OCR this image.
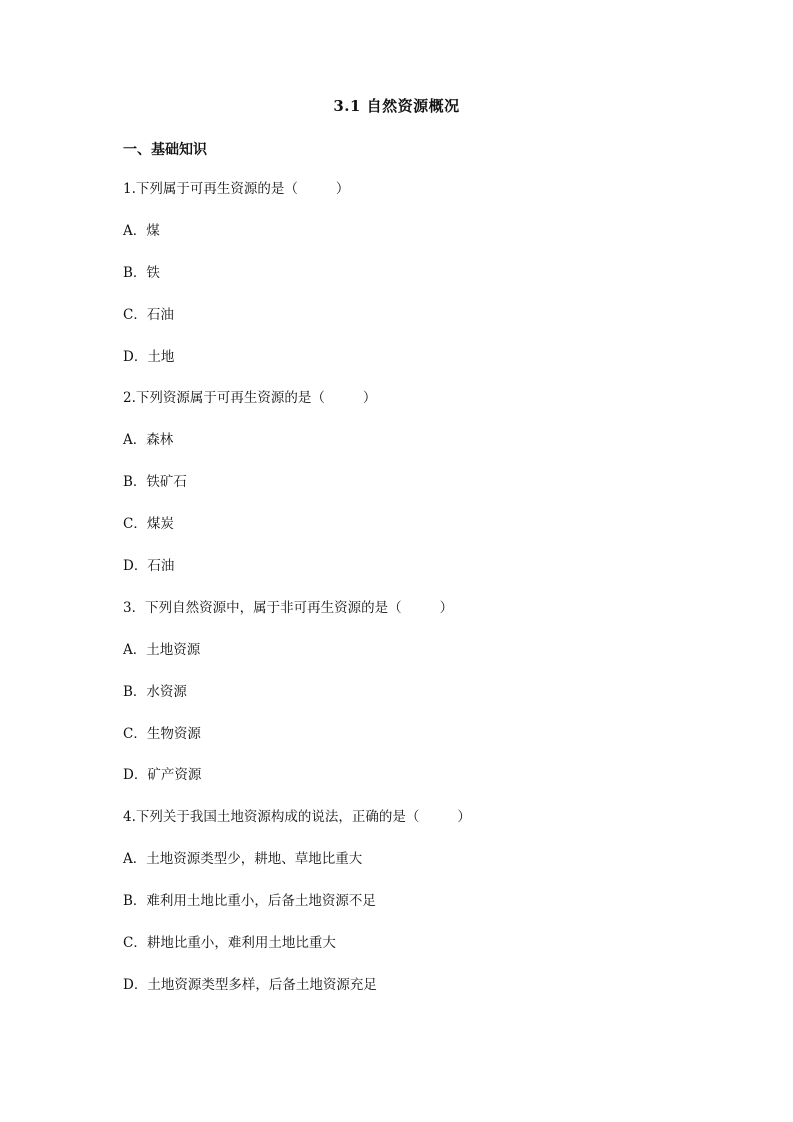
3.1 自然资源概况
一、基础知识
1.下列属于可再生资源的是（	）
A．煤
B．铁
C．石油
D．土地
2.下列资源属于可再生资源的是（	）
A．森林
B．铁矿石
C．煤炭
D．石油
3．下列自然资源中，属于非可再生资源的是（	）
A．土地资源
B．水资源
C．生物资源
D．矿产资源
4.下列关于我国土地资源构成的说法，正确的是（	）
A．土地资源类型少，耕地、草地比重大
B．难利用土地比重小，后备土地资源不足
C．耕地比重小，难利用土地比重大
D．土地资源类型多样，后备土地资源充足
